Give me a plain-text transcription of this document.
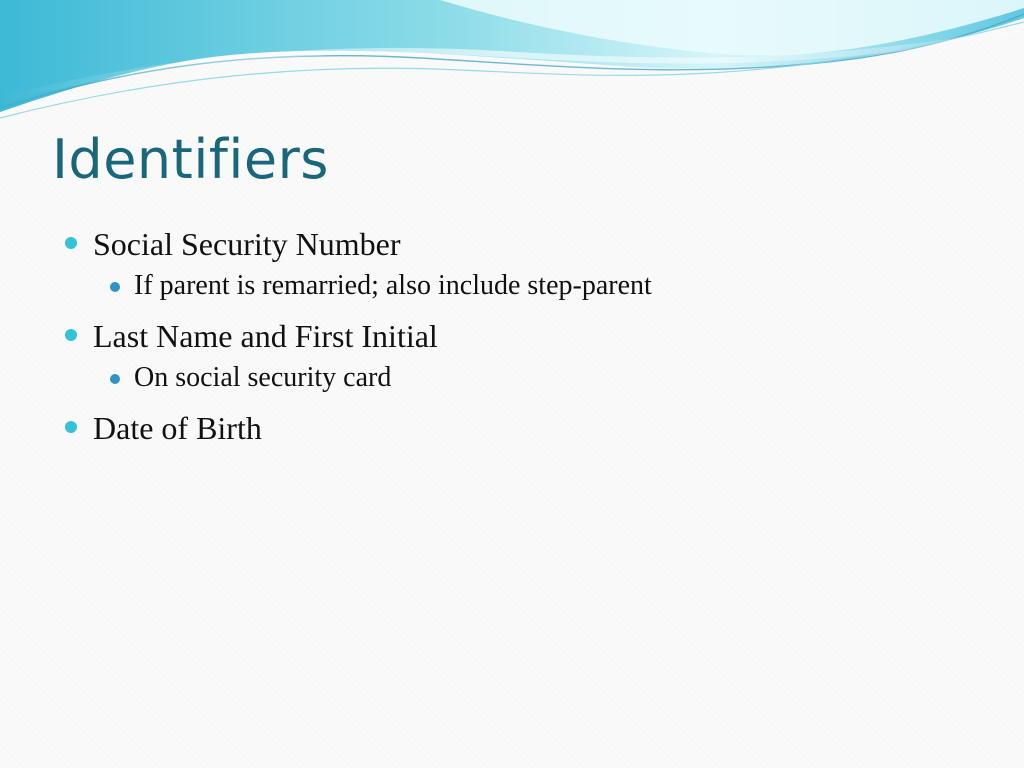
Identifiers
Social Security Number
If parent is remarried; also include step-parent
Last Name and First Initial
On social security card
Date of Birth
